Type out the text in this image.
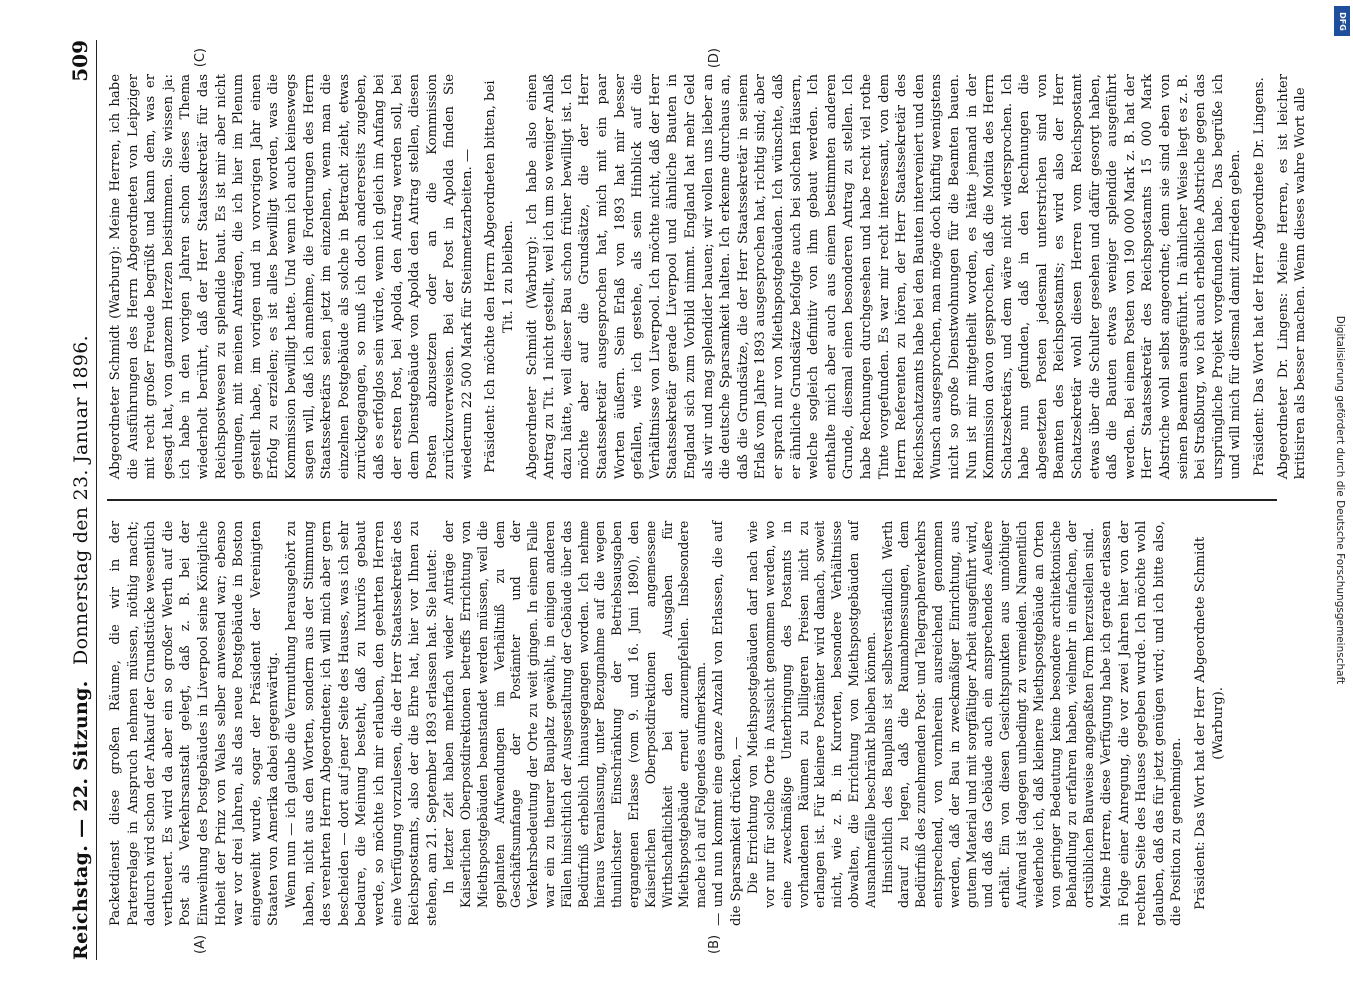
Reichstag. — 22. Sitzung.
Donnerstag den 23. Januar 1896.
509
(A)	(B)
(C)	(D)

Packetdienst diese großen Räume, die wir in der Parterrelage in Anspruch nehmen müssen, nöthig macht; dadurch wird schon der Ankauf der Grundstücke wesentlich vertheuert. Es wird da aber ein so großer Werth auf die Post als Verkehrsanstalt gelegt, daß z. B. bei der Einweihung des Postgebäudes in Liverpool seine Königliche Hoheit der Prinz von Wales selber anwesend war; ebenso war vor drei Jahren, als das neue Postgebäude in Boston eingeweiht wurde, sogar der Präsident der Vereinigten Staaten von Amerika dabei gegenwärtig. Wenn nun — ich glaube die Vermuthung herausgehört zu haben, nicht aus den Worten, sondern aus der Stimmung des verehrten Herrn Abgeordneten; ich will mich aber gern bescheiden — dort auf jener Seite des Hauses, was ich sehr bedaure, die Meinung besteht, daß zu luxuriös gebaut werde, so möchte ich mir erlauben, den geehrten Herren eine Verfügung vorzulesen, die der Herr Staatssekretär des Reichspostamts, also der die Ehre hat, hier vor Ihnen zu stehen, am 21. September 1893 erlassen hat. Sie lautet: In letzter Zeit haben mehrfach wieder Anträge der Kaiserlichen Oberpostdirektionen betreffs Errichtung von Miethspostgebäuden beanstandet werden müssen, weil die geplanten Aufwendungen im Verhältniß zu dem Geschäftsumfange der Postämter und der Verkehrsbedeutung der Orte zu weit gingen. In einem Falle war ein zu theurer Bauplatz gewählt, in einigen anderen Fällen hinsichtlich der Ausgestaltung der Gebäude über das Bedürfniß erheblich hinausgegangen worden. Ich nehme hieraus Veranlassung, unter Bezugnahme auf die wegen thunlichster Einschränkung der Betriebsausgaben ergangenen Erlasse (vom 9. und 16. Juni 1890), den Kaiserlichen Oberpostdirektionen angemessene Wirthschaftlichkeit bei den Ausgaben für Miethspostgebäude erneut anzuempfehlen. Insbesondere mache ich auf Folgendes aufmerksam. — und nun kommt eine ganze Anzahl von Erlassen, die auf die Sparsamkeit drücken, — Die Errichtung von Miethspostgebäuden darf nach wie vor nur für solche Orte in Aussicht genommen werden, wo eine zweckmäßige Unterbringung des Postamts in vorhandenen Räumen zu billigeren Preisen nicht zu erlangen ist. Für kleinere Postämter wird danach, soweit nicht, wie z. B. in Kurorten, besondere Verhältnisse obwalten, die Errichtung von Miethspostgebäuden auf Ausnahmefälle beschränkt bleiben können. Hinsichtlich des Bauplans ist selbstverständlich Werth darauf zu legen, daß die Raumabmessungen, dem Bedürfniß des zunehmenden Post- und Telegraphenverkehrs entsprechend, von vornherein ausreichend genommen werden, daß der Bau in zweckmäßiger Einrichtung, aus gutem Material und mit sorgfältiger Arbeit ausgeführt wird, und daß das Gebäude auch ein ansprechendes Aeußere erhält. Ein von diesen Gesichtspunkten aus unnöthiger Aufwand ist dagegen unbedingt zu vermeiden. Namentlich wiederhole ich, daß kleinere Miethspostgebäude an Orten von geringer Bedeutung keine besondere architektonische Behandlung zu erfahren haben, vielmehr in einfachen, der ortsüblichen Bauweise angepaßten Form herzustellen sind. Meine Herren, diese Verfügung habe ich gerade erlassen in Folge einer Anregung, die vor zwei Jahren hier von der rechten Seite des Hauses gegeben wurde. Ich möchte wohl glauben, daß das für jetzt genügen wird; und ich bitte also, die Position zu genehmigen. Präsident: Das Wort hat der Herr Abgeordnete Schmidt (Warburg).

Abgeordneter Schmidt (Warburg): Meine Herren, ich habe die Ausführungen des Herrn Abgeordneten von Leipziger mit recht großer Freude begrüßt und kann dem, was er gesagt hat, von ganzem Herzen beistimmen. Sie wissen ja: ich habe in den vorigen Jahren schon dieses Thema wiederholt berührt, daß der Herr Staatssekretär für das Reichspostwesen zu splendide baut. Es ist mir aber nicht gelungen, mit meinen Anträgen, die ich hier im Plenum gestellt habe, im vorigen und in vorvorigen Jahr einen Erfolg zu erzielen; es ist alles bewilligt worden, was die Kommission bewilligt hatte. Und wenn ich auch keineswegs sagen will, daß ich annehme, die Forderungen des Herrn Staatssekretärs seien jetzt im einzelnen, wenn man die einzelnen Postgebäude als solche in Betracht zieht, etwas zurückgegangen, so muß ich doch andererseits zugeben, daß es erfolglos sein würde, wenn ich gleich im Anfang bei der ersten Post, bei Apolda, den Antrag werden soll, bei dem Dienstgebäude von Apolda den Antrag stellen, diesen Posten abzusetzen oder an die Kommission zurückzuverweisen. Bei der Post in Apolda finden Sie wiederum 22 500 Mark für Steinmetzarbeiten. — Präsident: Ich möchte den Herrn Abgeordneten bitten, bei Tit. 1 zu bleiben. Abgeordneter Schmidt (Warburg): Ich habe also einen Antrag zu Tit. 1 nicht gestellt, weil ich um so weniger Anlaß dazu hätte, weil dieser Bau schon früher bewilligt ist. Ich möchte aber auf die Grundsätze, die der Herr Staatssekretär ausgesprochen hat, mich mit ein paar Worten äußern. Sein Erlaß von 1893 hat mir besser gefallen, wie ich gestehe, als sein Hinblick auf die Verhältnisse von Liverpool. Ich möchte nicht, daß der Herr Staatssekretär gerade Liverpool und ähnliche Bauten in England sich zum Vorbild nimmt. England hat mehr Geld als wir und mag splendider bauen; wir wollen uns lieber an die deutsche Sparsamkeit halten. Ich erkenne durchaus an, daß die Grundsätze, die der Herr Staatssekretär in seinem Erlaß vom Jahre 1893 ausgesprochen hat, richtig sind; aber er sprach nur von Miethspostgebäuden. Ich wünschte, daß er ähnliche Grundsätze befolgte auch bei solchen Häusern, welche sogleich definitiv von ihm gebaut werden. Ich enthalte mich aber auch aus einem bestimmten anderen Grunde, diesmal einen besonderen Antrag zu stellen. Ich habe Rechnungen durchgesehen und habe recht viel rothe Tinte vorgefunden. Es war mir recht interessant, von dem Herrn Referenten zu hören, der Herr Staatssekretär des Reichsschatzamts habe bei den Bauten interveniert und den Wunsch ausgesprochen, man möge doch künftig wenigstens nicht so große Dienstwohnungen für die Beamten bauen. Nun ist mir mitgetheilt worden, es hätte jemand in der Kommission davon gesprochen, daß die Monita des Herrn Schatzsekretärs, und dem wäre nicht widersprochen. Ich habe nun gefunden, daß in den Rechnungen die abgesetzten Posten jedesmal unterstrichen sind von Beamten des Reichspostamts; es wird also der Herr Schatzsekretär wohl diesen Herren vom Reichspostamt etwas über die Schulter gesehen und dafür gesorgt haben, daß die Bauten etwas weniger splendide ausgeführt werden. Bei einem Posten von 190 000 Mark z. B. hat der Herr Staatssekretär des Reichspostamts 15 000 Mark Abstriche wohl selbst angeordnet; denn sie sind eben von seinen Beamten ausgeführt. In ähnlicher Weise liegt es z. B. bei Straßburg, wo ich auch erhebliche Abstriche gegen das ursprüngliche Projekt vorgefunden habe. Das begrüße ich und will mich für diesmal damit zufrieden geben. Präsident: Das Wort hat der Herr Abgeordnete Dr. Lingens. Abgeordneter Dr. Lingens: Meine Herren, es ist leichter kritisiren als besser machen. Wenn dieses wahre Wort alle

DFG
Digitalisierung gefördert durch die Deutsche Forschungsgemeinschaft
